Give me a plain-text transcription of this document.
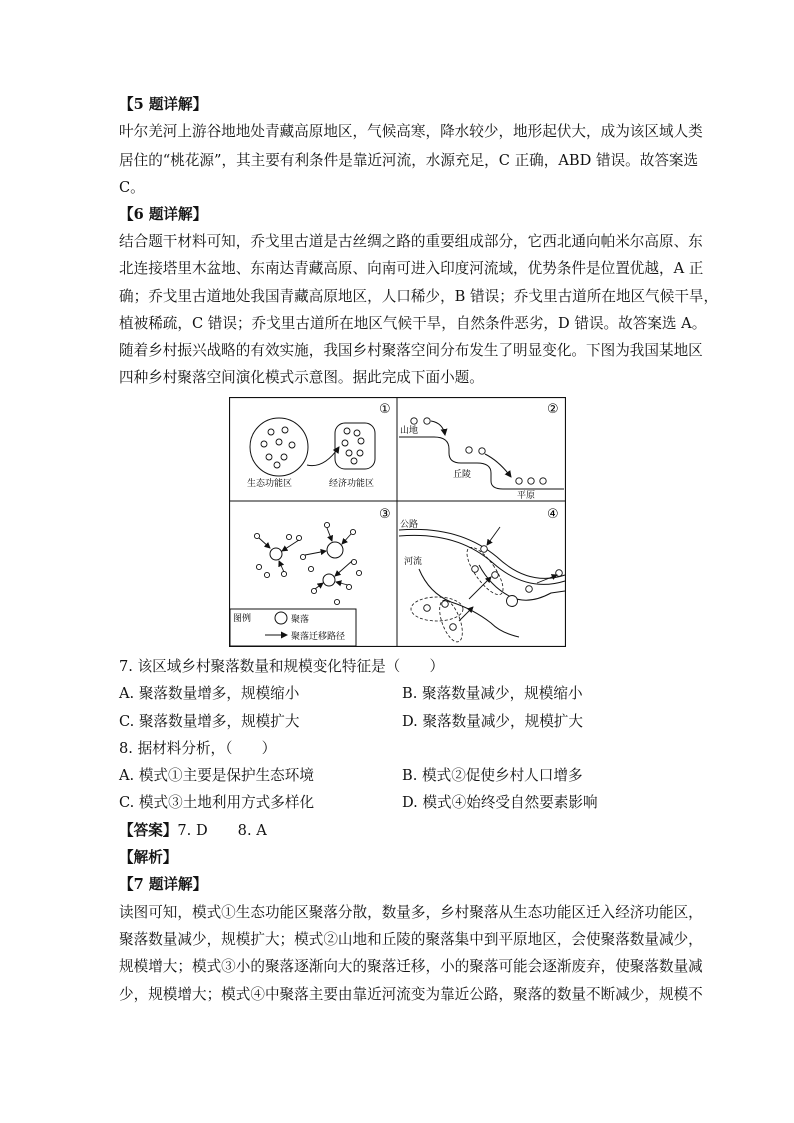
【5 题详解】
叶尔羌河上游谷地地处青藏高原地区，气候高寒，降水较少，地形起伏大，成为该区域人类
居住的“桃花源”，其主要有利条件是靠近河流，水源充足，C 正确，ABD 错误。故答案选
C。
【6 题详解】
结合题干材料可知，乔戈里古道是古丝绸之路的重要组成部分，它西北通向帕米尔高原、东
北连接塔里木盆地、东南达青藏高原、向南可进入印度河流域，优势条件是位置优越，A 正
确；乔戈里古道地处我国青藏高原地区，人口稀少，B 错误；乔戈里古道所在地区气候干旱，
植被稀疏，C 错误；乔戈里古道所在地区气候干旱，自然条件恶劣，D 错误。故答案选 A。
随着乡村振兴战略的有效实施，我国乡村聚落空间分布发生了明显变化。下图为我国某地区
四种乡村聚落空间演化模式示意图。据此完成下面小题。
①	②
③	④
生态功能区	经济功能区
山地
丘陵
平原
图例	聚落
聚落迁移路径
公路
河流
7. 该区域乡村聚落数量和规模变化特征是（　　）
A. 聚落数量增多，规模缩小	B. 聚落数量减少，规模缩小
C. 聚落数量增多，规模扩大	D. 聚落数量减少，规模扩大
8. 据材料分析，（　　）
A. 模式①主要是保护生态环境	B. 模式②促使乡村人口增多
C. 模式③土地利用方式多样化	D. 模式④始终受自然要素影响
【答案】7. D 8. A
【解析】
【7 题详解】
读图可知，模式①生态功能区聚落分散，数量多，乡村聚落从生态功能区迁入经济功能区，
聚落数量减少，规模扩大；模式②山地和丘陵的聚落集中到平原地区，会使聚落数量减少，
规模增大；模式③小的聚落逐渐向大的聚落迁移，小的聚落可能会逐渐废弃，使聚落数量减
少，规模增大；模式④中聚落主要由靠近河流变为靠近公路，聚落的数量不断减少，规模不
